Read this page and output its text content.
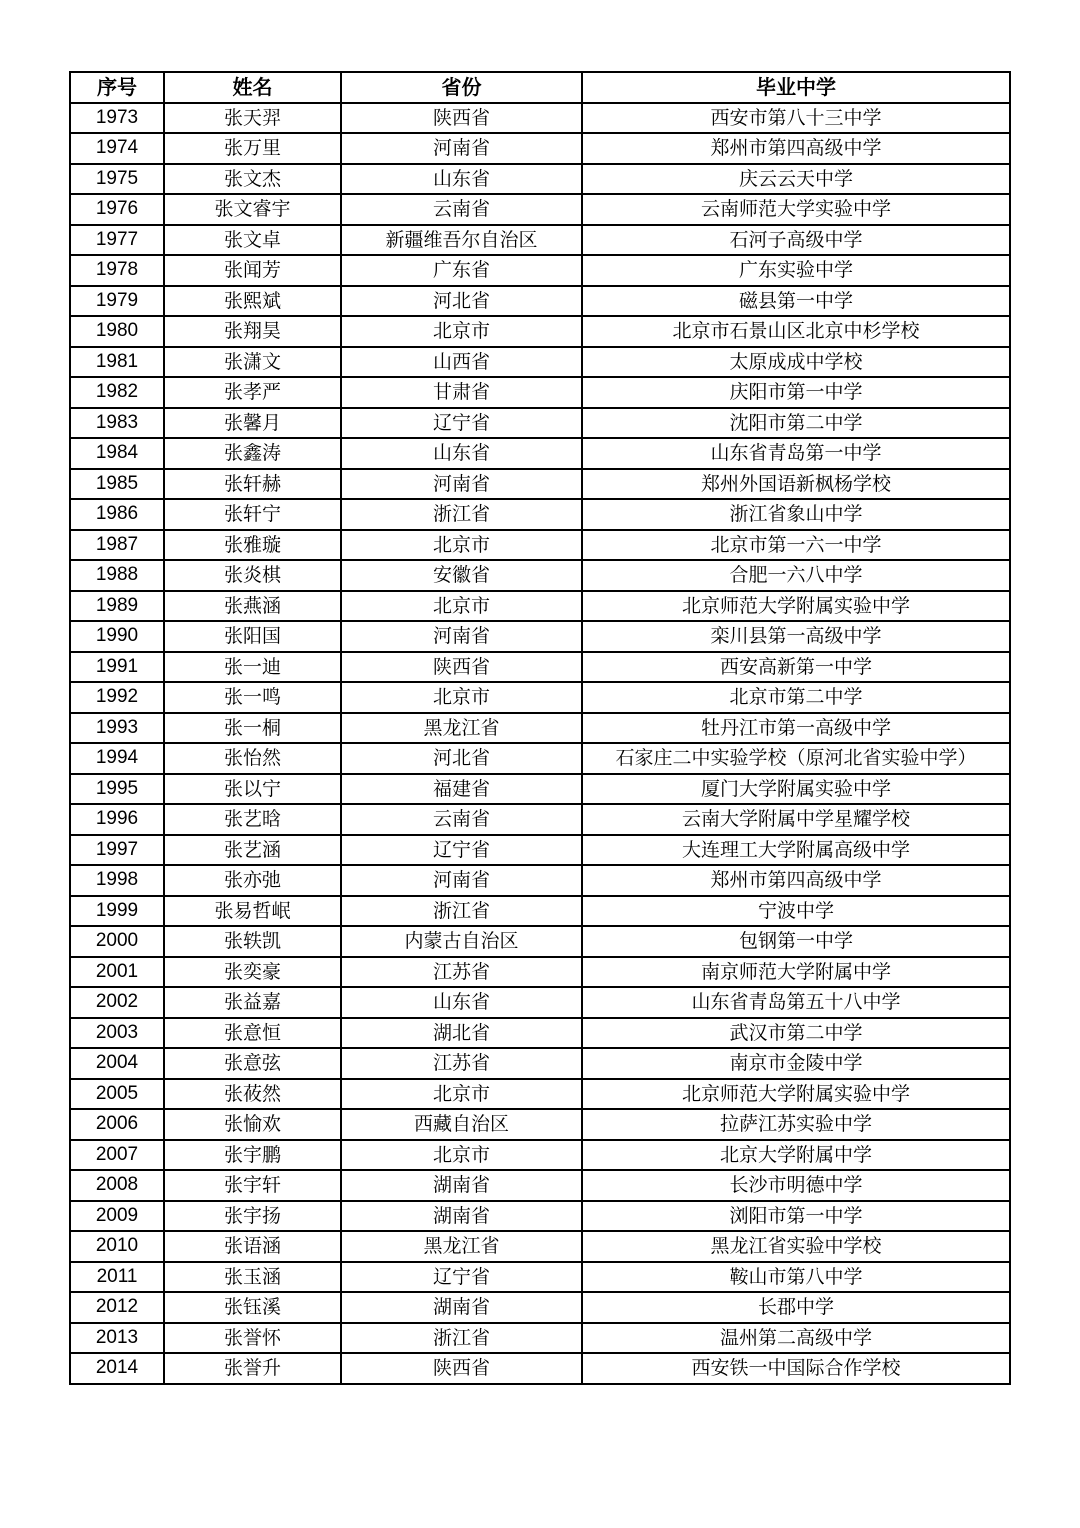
序号	姓名	省份	毕业中学
1973	张天羿	陕西省	西安市第八十三中学
1974	张万里	河南省	郑州市第四高级中学
1975	张文杰	山东省	庆云云天中学
1976	张文睿宇	云南省	云南师范大学实验中学
1977	张文卓	新疆维吾尔自治区	石河子高级中学
1978	张闻芳	广东省	广东实验中学
1979	张熙斌	河北省	磁县第一中学
1980	张翔昊	北京市	北京市石景山区北京中杉学校
1981	张潇文	山西省	太原成成中学校
1982	张孝严	甘肃省	庆阳市第一中学
1983	张馨月	辽宁省	沈阳市第二中学
1984	张鑫涛	山东省	山东省青岛第一中学
1985	张轩赫	河南省	郑州外国语新枫杨学校
1986	张轩宁	浙江省	浙江省象山中学
1987	张雅璇	北京市	北京市第一六一中学
1988	张炎棋	安徽省	合肥一六八中学
1989	张燕涵	北京市	北京师范大学附属实验中学
1990	张阳国	河南省	栾川县第一高级中学
1991	张一迪	陕西省	西安高新第一中学
1992	张一鸣	北京市	北京市第二中学
1993	张一桐	黑龙江省	牡丹江市第一高级中学
1994	张怡然	河北省	石家庄二中实验学校（原河北省实验中学）
1995	张以宁	福建省	厦门大学附属实验中学
1996	张艺晗	云南省	云南大学附属中学星耀学校
1997	张艺涵	辽宁省	大连理工大学附属高级中学
1998	张亦弛	河南省	郑州市第四高级中学
1999	张易哲岷	浙江省	宁波中学
2000	张轶凯	内蒙古自治区	包钢第一中学
2001	张奕豪	江苏省	南京师范大学附属中学
2002	张益嘉	山东省	山东省青岛第五十八中学
2003	张意恒	湖北省	武汉市第二中学
2004	张意弦	江苏省	南京市金陵中学
2005	张莜然	北京市	北京师范大学附属实验中学
2006	张愉欢	西藏自治区	拉萨江苏实验中学
2007	张宇鹏	北京市	北京大学附属中学
2008	张宇轩	湖南省	长沙市明德中学
2009	张宇扬	湖南省	浏阳市第一中学
2010	张语涵	黑龙江省	黑龙江省实验中学校
2011	张玉涵	辽宁省	鞍山市第八中学
2012	张钰溪	湖南省	长郡中学
2013	张誉怀	浙江省	温州第二高级中学
2014	张誉升	陕西省	西安铁一中国际合作学校
